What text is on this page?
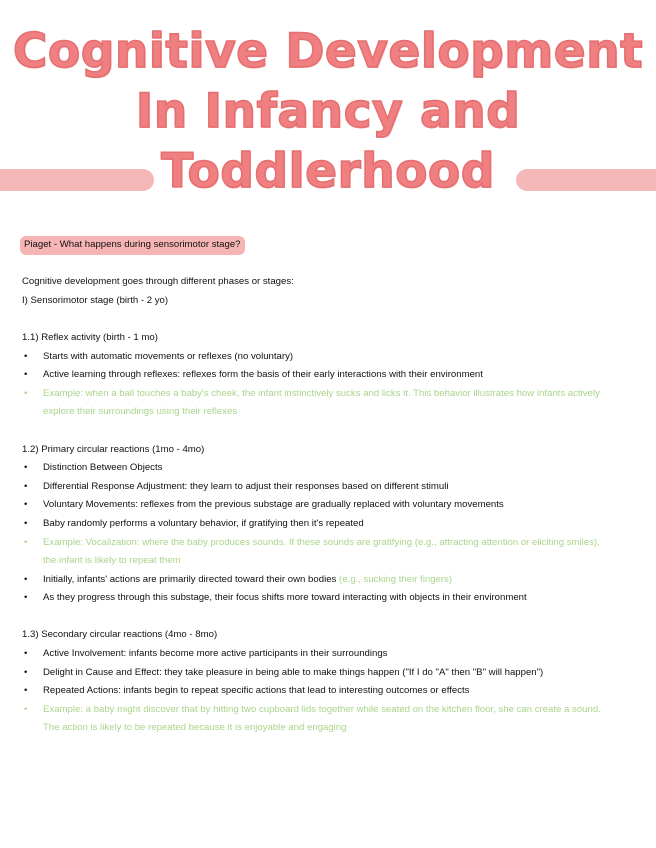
Cognitive Development
In Infancy and
Toddlerhood

Piaget - What happens during sensorimotor stage?

Cognitive development goes through different phases or stages:

I) Sensorimotor stage (birth - 2 yo)

1.1) Reflex activity (birth - 1 mo)

• Starts with automatic movements or reflexes (no voluntary)
• Active learning through reflexes: reflexes form the basis of their early interactions with their environment
• Example: when a ball touches a baby's cheek, the infant instinctively sucks and licks it. This behavior illustrates how infants actively
explore their surroundings using their reflexes

1.2) Primary circular reactions (1mo - 4mo)

• Distinction Between Objects
• Differential Response Adjustment: they learn to adjust their responses based on different stimuli
• Voluntary Movements: reflexes from the previous substage are gradually replaced with voluntary movements
• Baby randomly performs a voluntary behavior, if gratifying then it's repeated
• Example: Vocalization: where the baby produces sounds. If these sounds are gratifying (e.g., attracting attention or eliciting smiles),
the infant is likely to repeat them
• Initially, infants' actions are primarily directed toward their own bodies (e.g., sucking their fingers)
• As they progress through this substage, their focus shifts more toward interacting with objects in their environment

1.3) Secondary circular reactions (4mo - 8mo)

• Active Involvement: infants become more active participants in their surroundings
• Delight in Cause and Effect: they take pleasure in being able to make things happen ("If I do "A" then "B" will happen")
• Repeated Actions: infants begin to repeat specific actions that lead to interesting outcomes or effects
• Example: a baby might discover that by hitting two cupboard lids together while seated on the kitchen floor, she can create a sound.
The action is likely to be repeated because it is enjoyable and engaging
